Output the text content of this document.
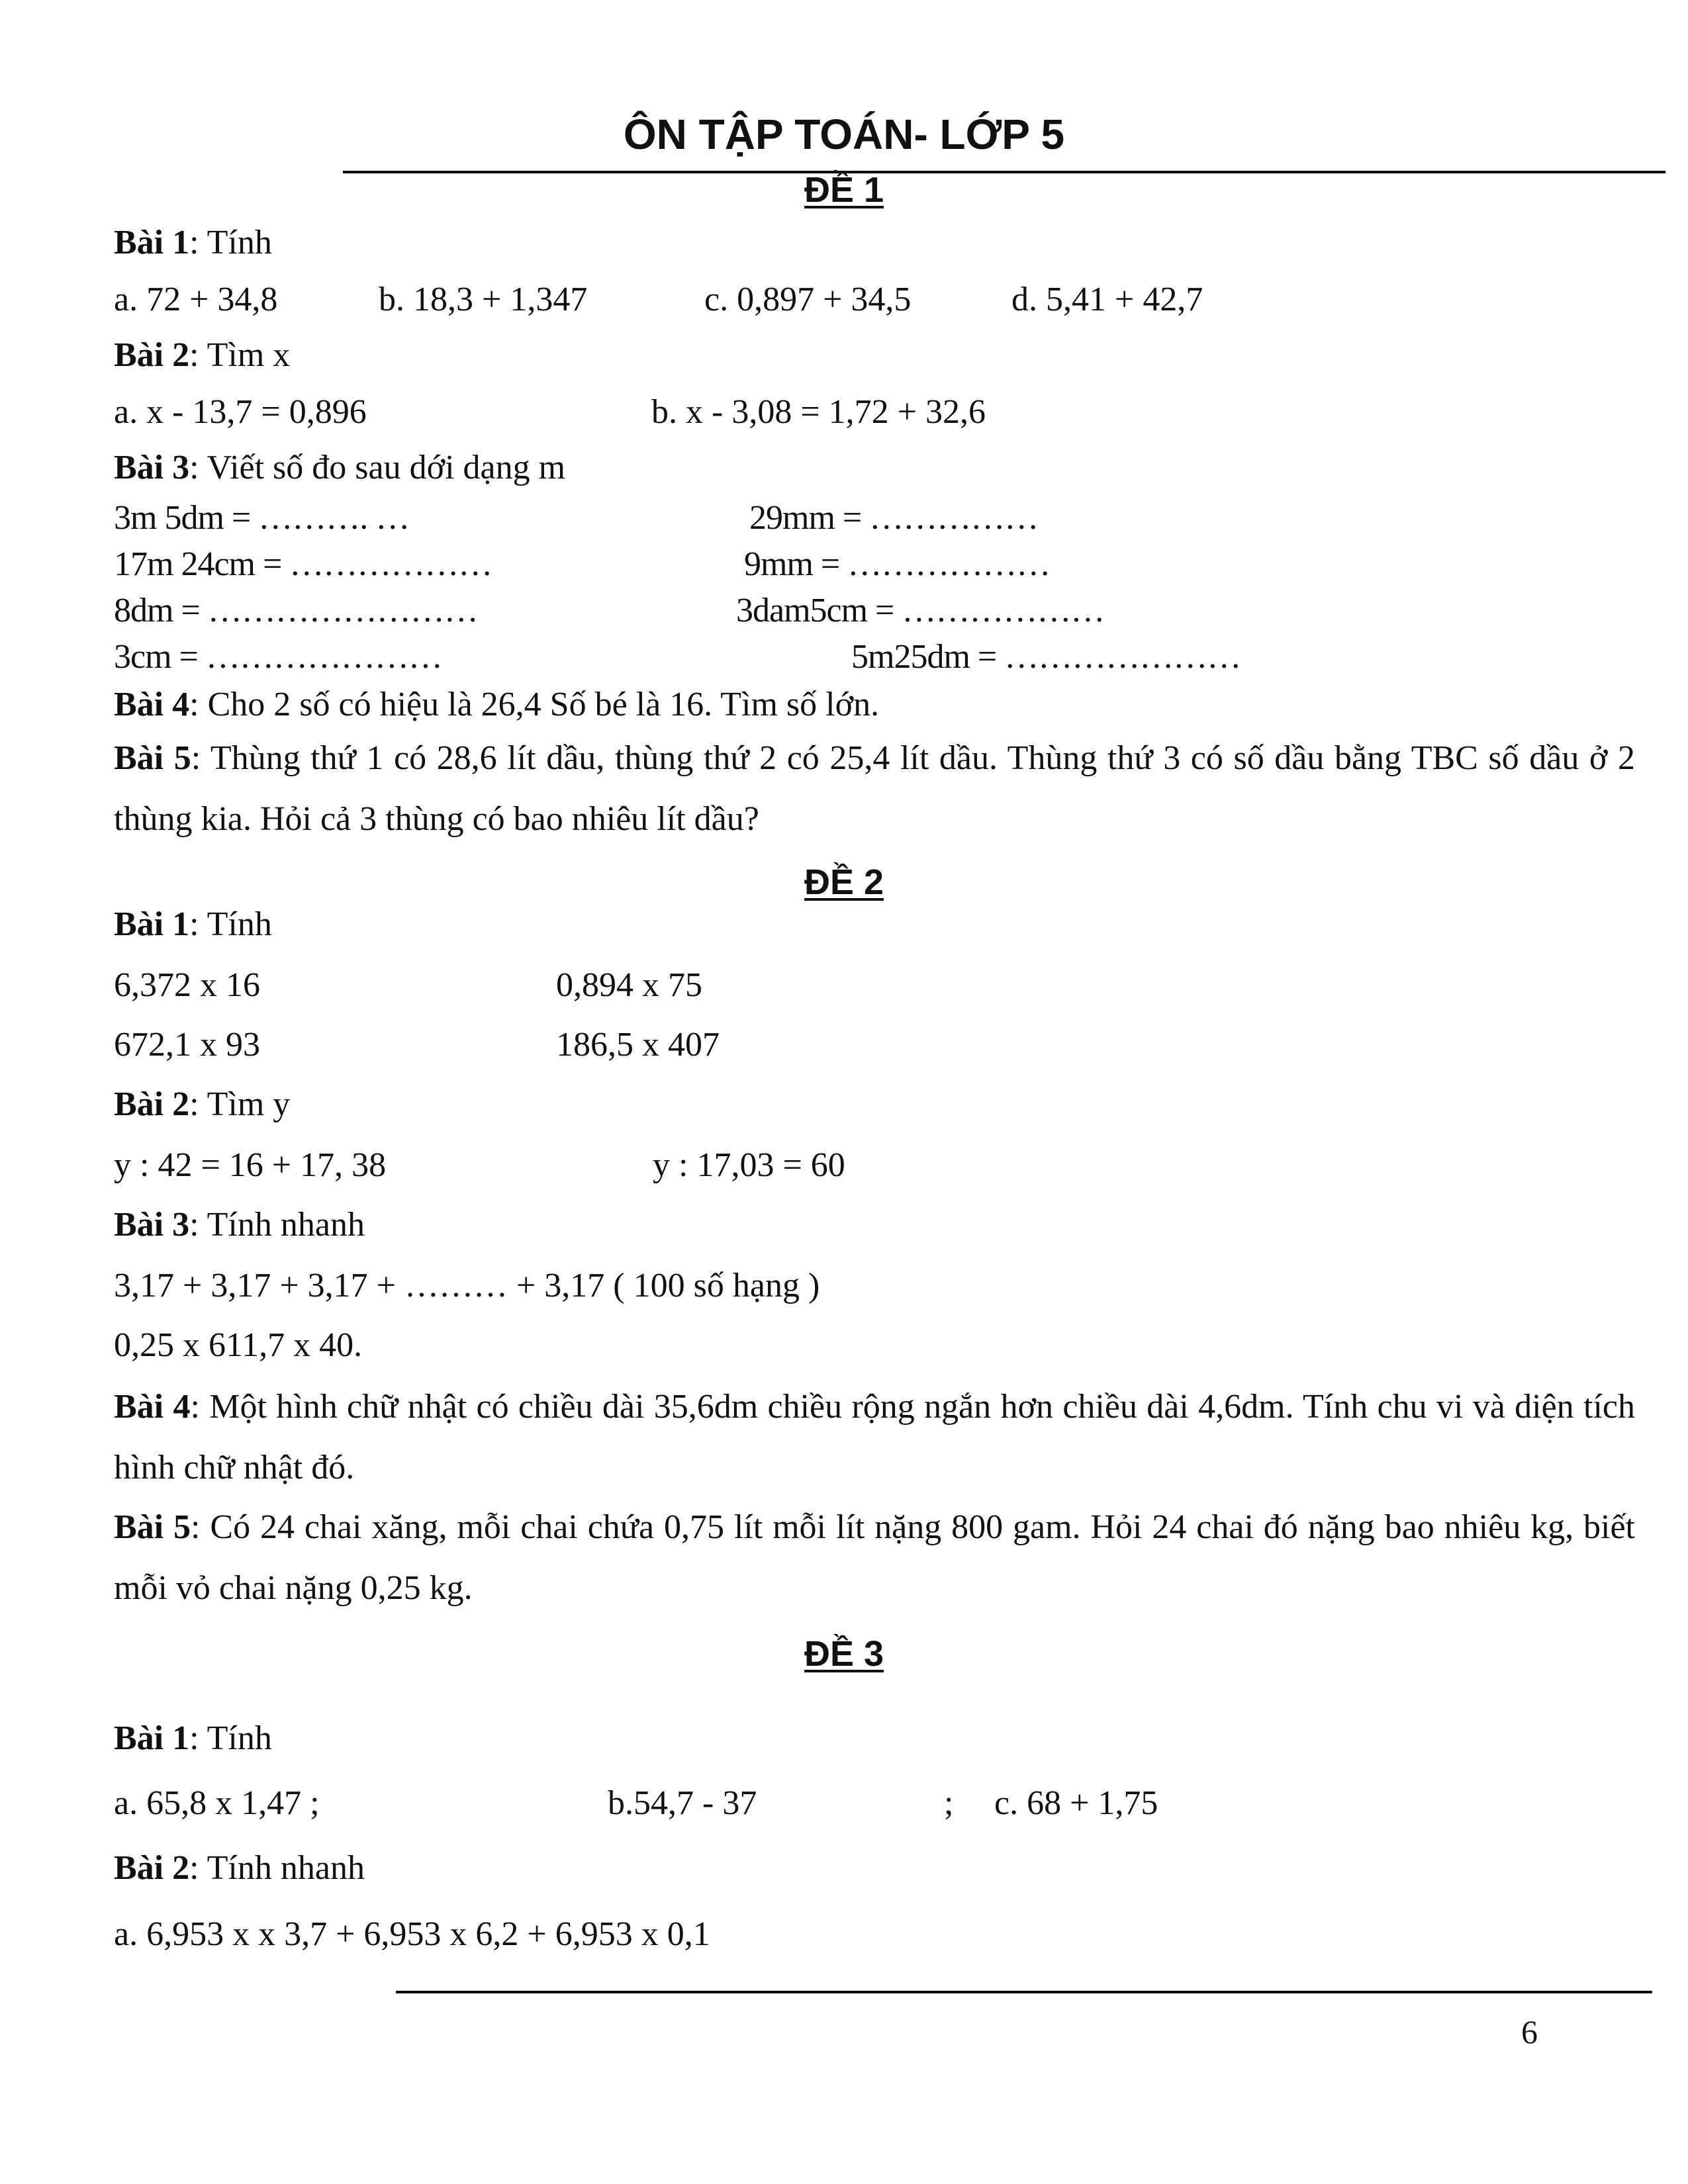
ÔN TẬP TOÁN- LỚP 5
ĐỀ 1
Bài 1: Tính
a. 72 + 34,8	b. 18,3 + 1,347	c. 0,897 + 34,5	d. 5,41 + 42,7
Bài 2: Tìm x
a. x - 13,7 = 0,896	b. x - 3,08 = 1,72 + 32,6
Bài 3: Viết số đo sau dới dạng m
3m 5dm = ………. …	29mm = ……………
17m 24cm = ………………	9mm = ………………
8dm = ……………………	3dam5cm = ………………
3cm = …………………	5m25dm = …………………
Bài 4: Cho 2 số có hiệu là 26,4 Số bé là 16. Tìm số lớn.
Bài 5: Thùng thứ 1 có 28,6 lít dầu, thùng thứ 2 có 25,4 lít dầu. Thùng thứ 3 có số dầu bằng TBC số dầu ở 2 thùng kia. Hỏi cả 3 thùng có bao nhiêu lít dầu?
ĐỀ 2
Bài 1: Tính
6,372 x 16	0,894 x 75
672,1 x 93	186,5 x 407
Bài 2: Tìm y
y : 42 = 16 + 17, 38	y : 17,03 = 60
Bài 3: Tính nhanh
3,17 + 3,17 + 3,17 + ……… + 3,17 ( 100 số hạng )
0,25 x 611,7 x 40.
Bài 4: Một hình chữ nhật có chiều dài 35,6dm chiều rộng ngắn hơn chiều dài 4,6dm. Tính chu vi và diện tích hình chữ nhật đó.
Bài 5: Có 24 chai xăng, mỗi chai chứa 0,75 lít mỗi lít nặng 800 gam. Hỏi 24 chai đó nặng bao nhiêu kg, biết mỗi vỏ chai nặng 0,25 kg.
ĐỀ 3
Bài 1: Tính
a. 65,8 x 1,47 ;	b.54,7 - 37	; c. 68 + 1,75
Bài 2: Tính nhanh
a. 6,953 x x 3,7 + 6,953 x 6,2 + 6,953 x 0,1
6
